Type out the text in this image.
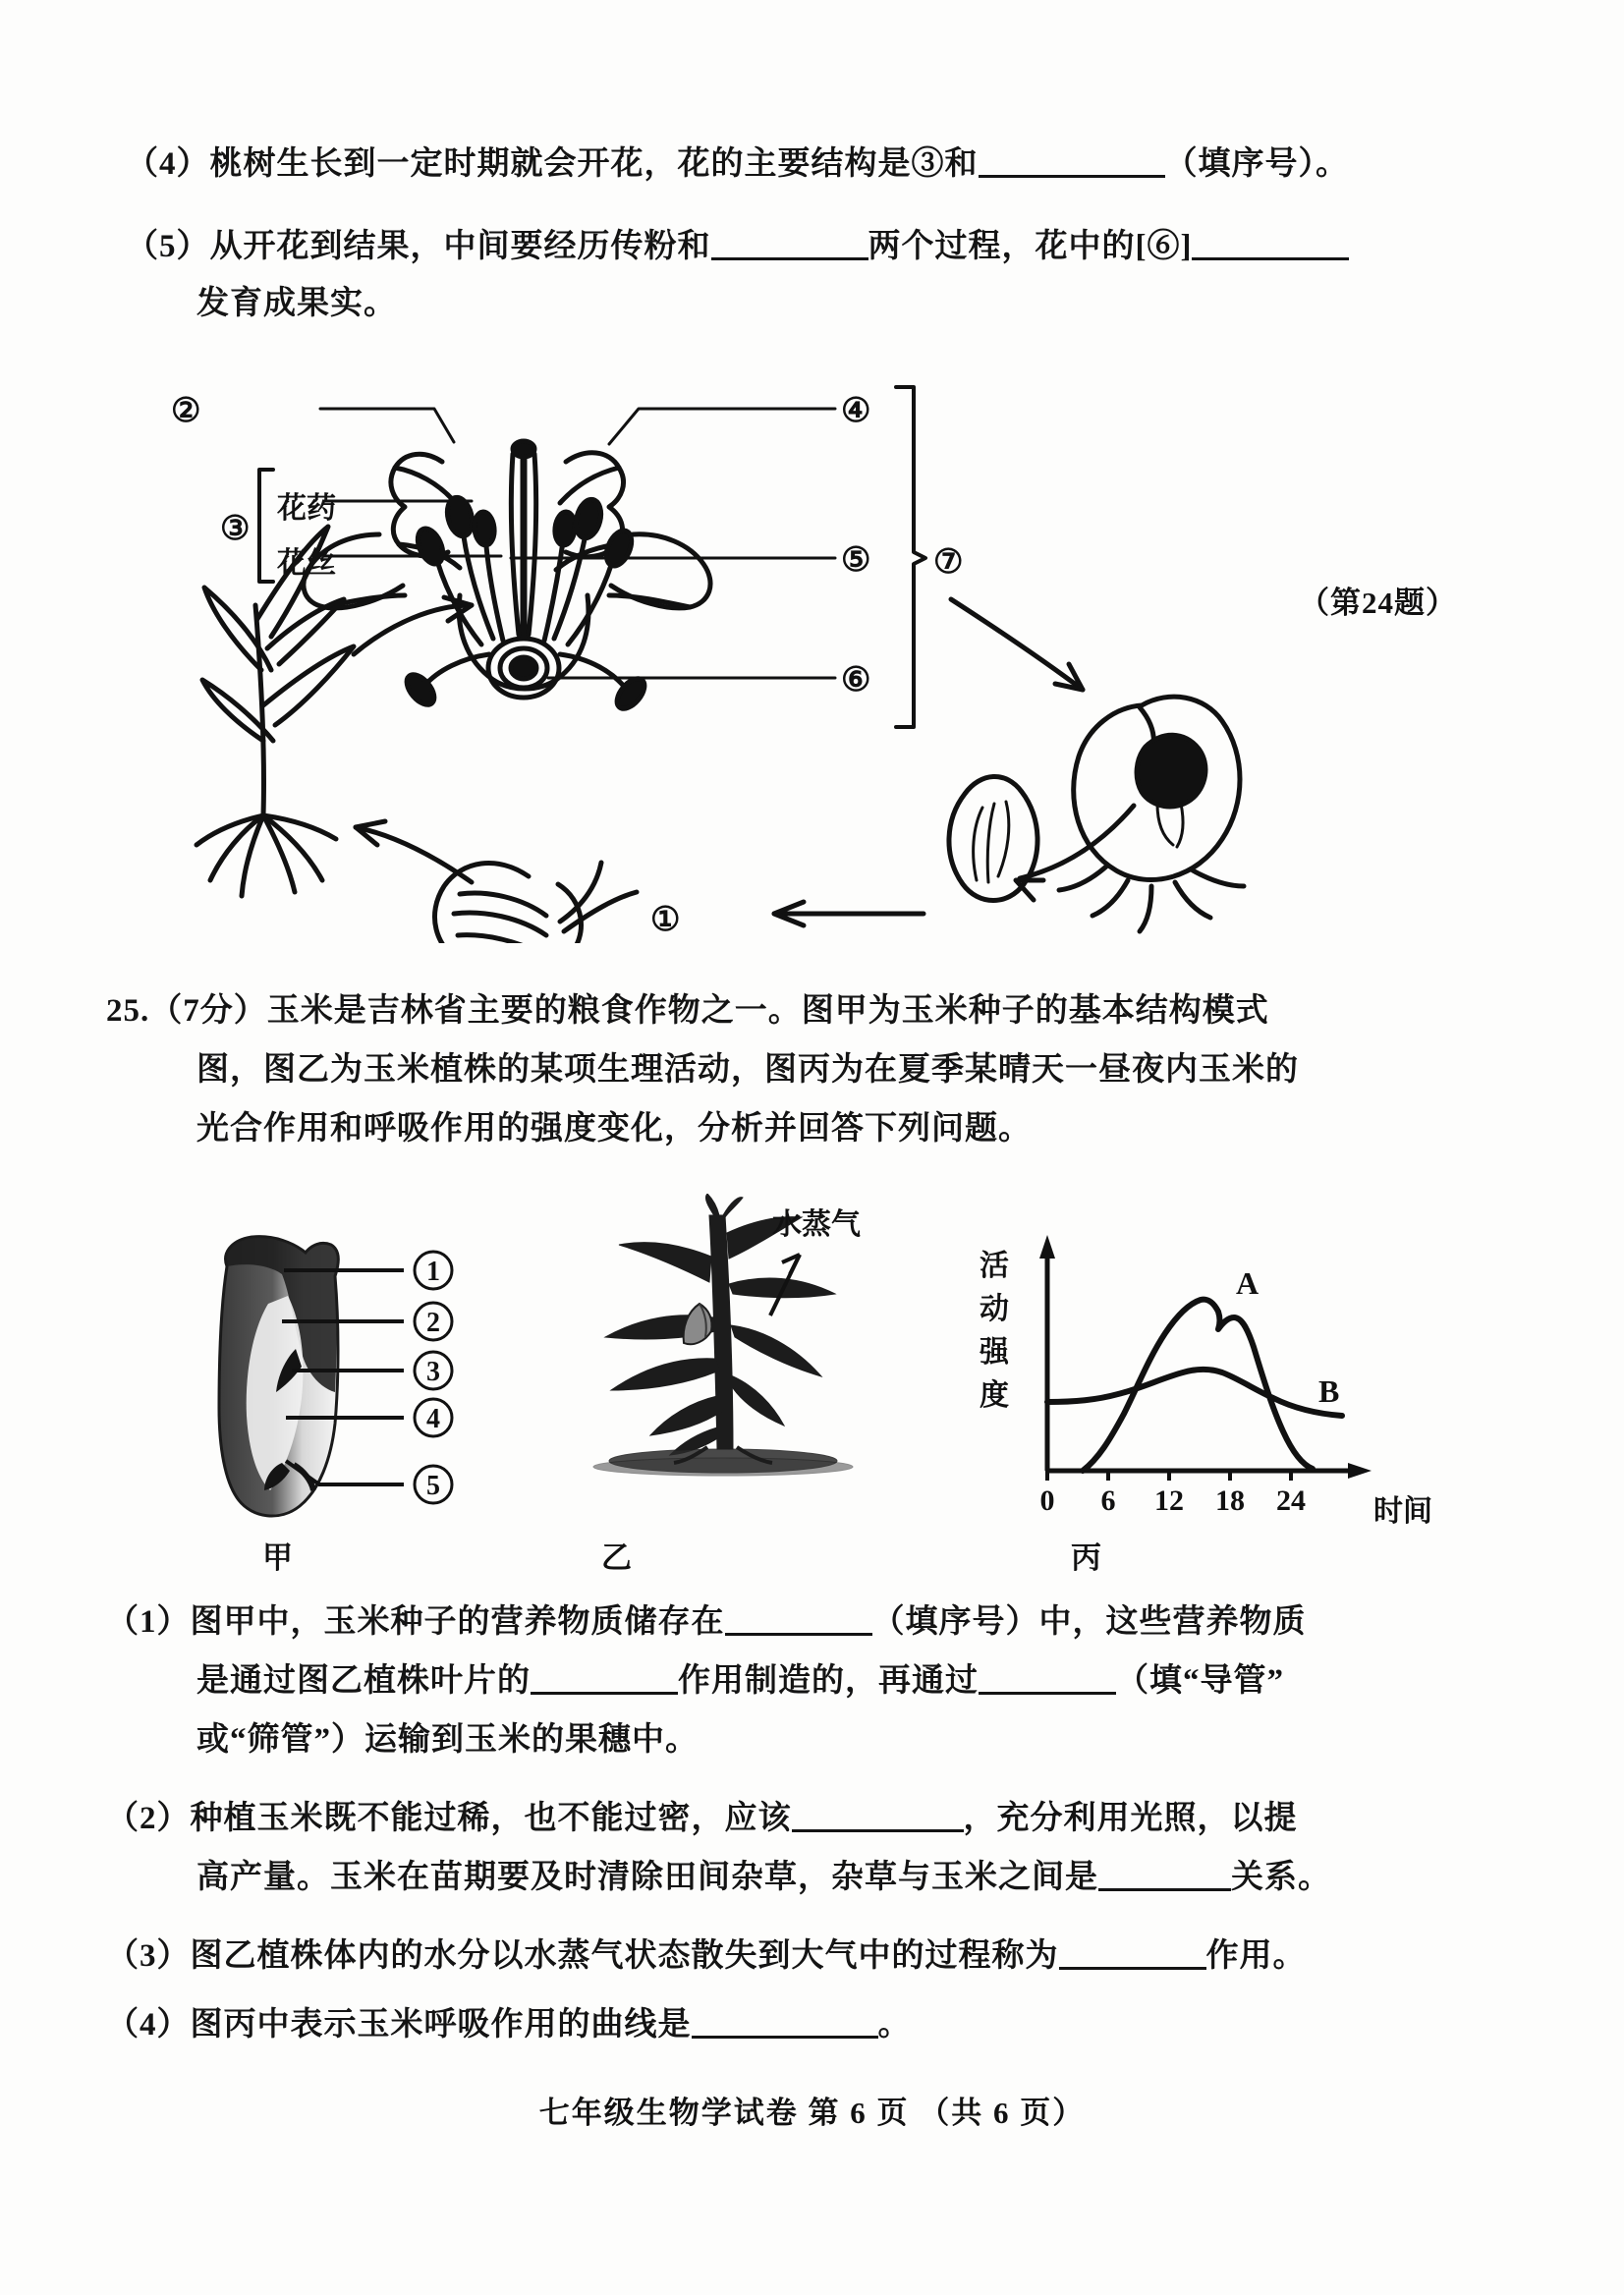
（4）桃树生长到一定时期就会开花，花的主要结构是③和	（填序号）。
（5）从开花到结果，中间要经历传粉和	两个过程，花中的[⑥]
发育成果实。
②
③
花药
花丝
④
⑤
⑥
⑦
①
（第24题）
25.（7分）玉米是吉林省主要的粮食作物之一。图甲为玉米种子的基本结构模式
图，图乙为玉米植株的某项生理活动，图丙为在夏季某晴天一昼夜内玉米的
光合作用和呼吸作用的强度变化，分析并回答下列问题。
1
2
3
4
5
水蒸气
A
B
0 6 12 18 24
活
动
强
度
时间
甲	乙	丙
（1）图甲中，玉米种子的营养物质储存在	（填序号）中，这些营养物质
是通过图乙植株叶片的	作用制造的，再通过	（填“导管”
或“筛管”）运输到玉米的果穗中。
（2）种植玉米既不能过稀，也不能过密，应该	，充分利用光照，以提
高产量。玉米在苗期要及时清除田间杂草，杂草与玉米之间是	关系。
（3）图乙植株体内的水分以水蒸气状态散失到大气中的过程称为	作用。
（4）图丙中表示玉米呼吸作用的曲线是	。
七年级生物学试卷 第 6 页 （共 6 页）
